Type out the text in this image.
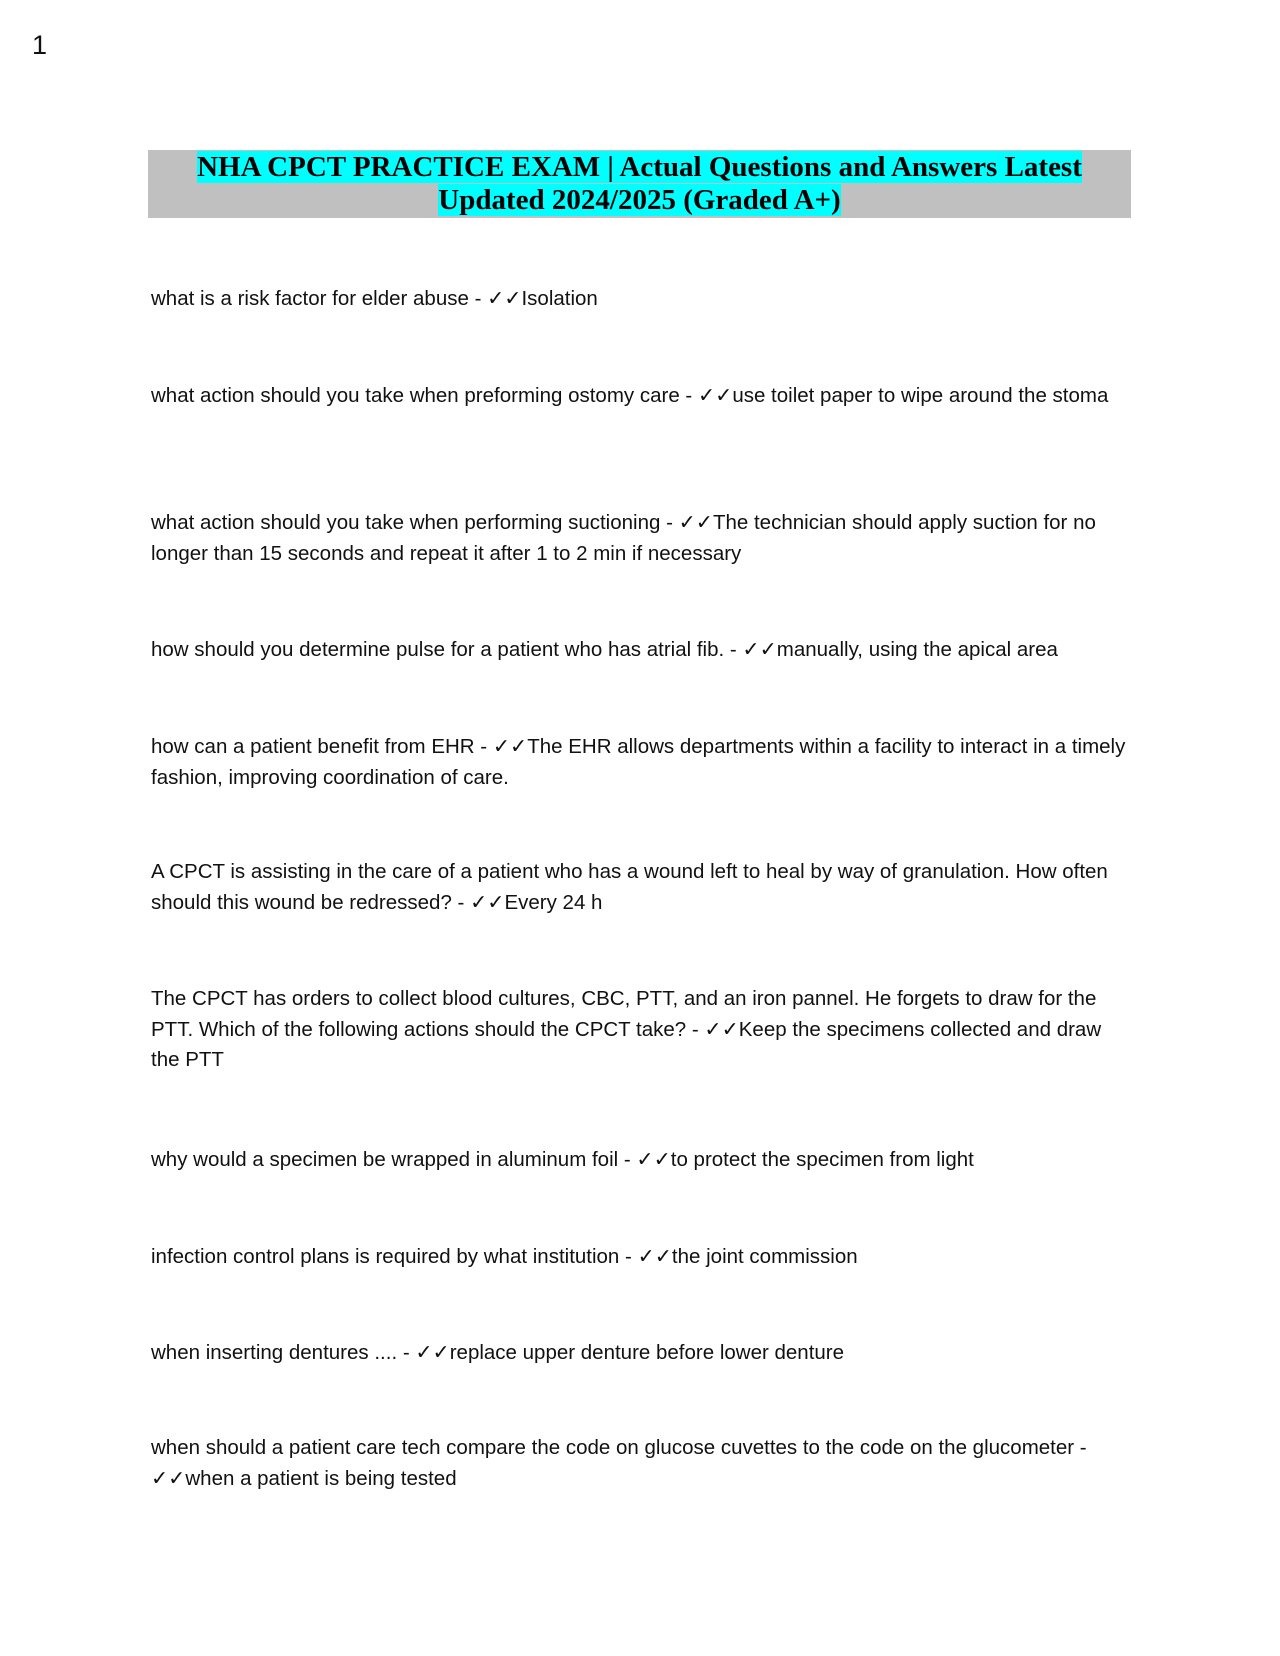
1
NHA CPCT PRACTICE EXAM | Actual Questions and Answers Latest
Updated 2024/2025 (Graded A+)
what is a risk factor for elder abuse - ✓✓Isolation
what action should you take when preforming ostomy care - ✓✓use toilet paper to wipe around the stoma
what action should you take when performing suctioning - ✓✓The technician should apply suction for no longer than 15 seconds and repeat it after 1 to 2 min if necessary
how should you determine pulse for a patient who has atrial fib. - ✓✓manually, using the apical area
how can a patient benefit from EHR - ✓✓The EHR allows departments within a facility to interact in a timely fashion, improving coordination of care.
A CPCT is assisting in the care of a patient who has a wound left to heal by way of granulation. How often should this wound be redressed? - ✓✓Every 24 h
The CPCT has orders to collect blood cultures, CBC, PTT, and an iron pannel. He forgets to draw for the PTT. Which of the following actions should the CPCT take? - ✓✓Keep the specimens collected and draw the PTT
why would a specimen be wrapped in aluminum foil - ✓✓to protect the specimen from light
infection control plans is required by what institution - ✓✓the joint commission
when inserting dentures .... - ✓✓replace upper denture before lower denture
when should a patient care tech compare the code on glucose cuvettes to the code on the glucometer - ✓✓when a patient is being tested
